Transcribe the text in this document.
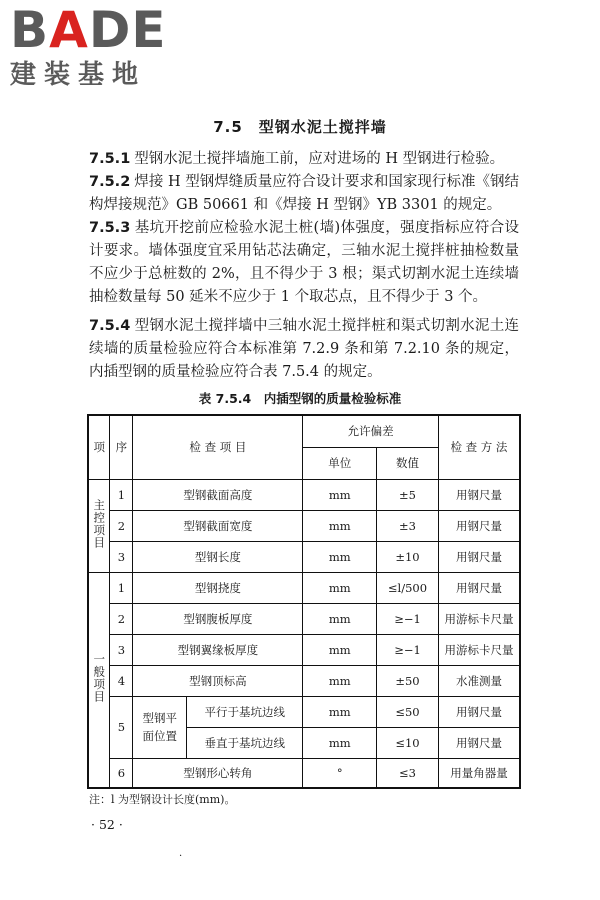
BADE
建装基地
7.5　型钢水泥土搅拌墙
7.5.1 型钢水泥土搅拌墙施工前，应对进场的 H 型钢进行检验。
7.5.2 焊接 H 型钢焊缝质量应符合设计要求和国家现行标准《钢结构焊接规范》GB 50661 和《焊接 H 型钢》YB 3301 的规定。
7.5.3 基坑开挖前应检验水泥土桩(墙)体强度，强度指标应符合设计要求。墙体强度宜采用钻芯法确定，三轴水泥土搅拌桩抽检数量不应少于总桩数的 2%，且不得少于 3 根；渠式切割水泥土连续墙抽检数量每 50 延米不应少于 1 个取芯点，且不得少于 3 个。
7.5.4 型钢水泥土搅拌墙中三轴水泥土搅拌桩和渠式切割水泥土连续墙的质量检验应符合本标准第 7.2.9 条和第 7.2.10 条的规定，内插型钢的质量检验应符合表 7.5.4 的规定。
表 7.5.4　内插型钢的质量检验标准
项	序	检 查 项 目		允许偏差		检 查 方 法
				单位	数值	
主控项目	1	型钢截面高度		mm	±5	用钢尺量
	2	型钢截面宽度		mm	±3	用钢尺量
	3	型钢长度		mm	±10	用钢尺量
一般项目	1	型钢挠度		mm	≤l/500	用钢尺量
	2	型钢腹板厚度		mm	≥−1	用游标卡尺量
	3	型钢翼缘板厚度		mm	≥−1	用游标卡尺量
	4	型钢顶标高		mm	±50	水准测量
	5	型钢平面位置	平行于基坑边线	mm	≤50	用钢尺量
			垂直于基坑边线	mm	≤10	用钢尺量
	6	型钢形心转角		°	≤3	用量角器量
注：l 为型钢设计长度(mm)。
· 52 ·
.
